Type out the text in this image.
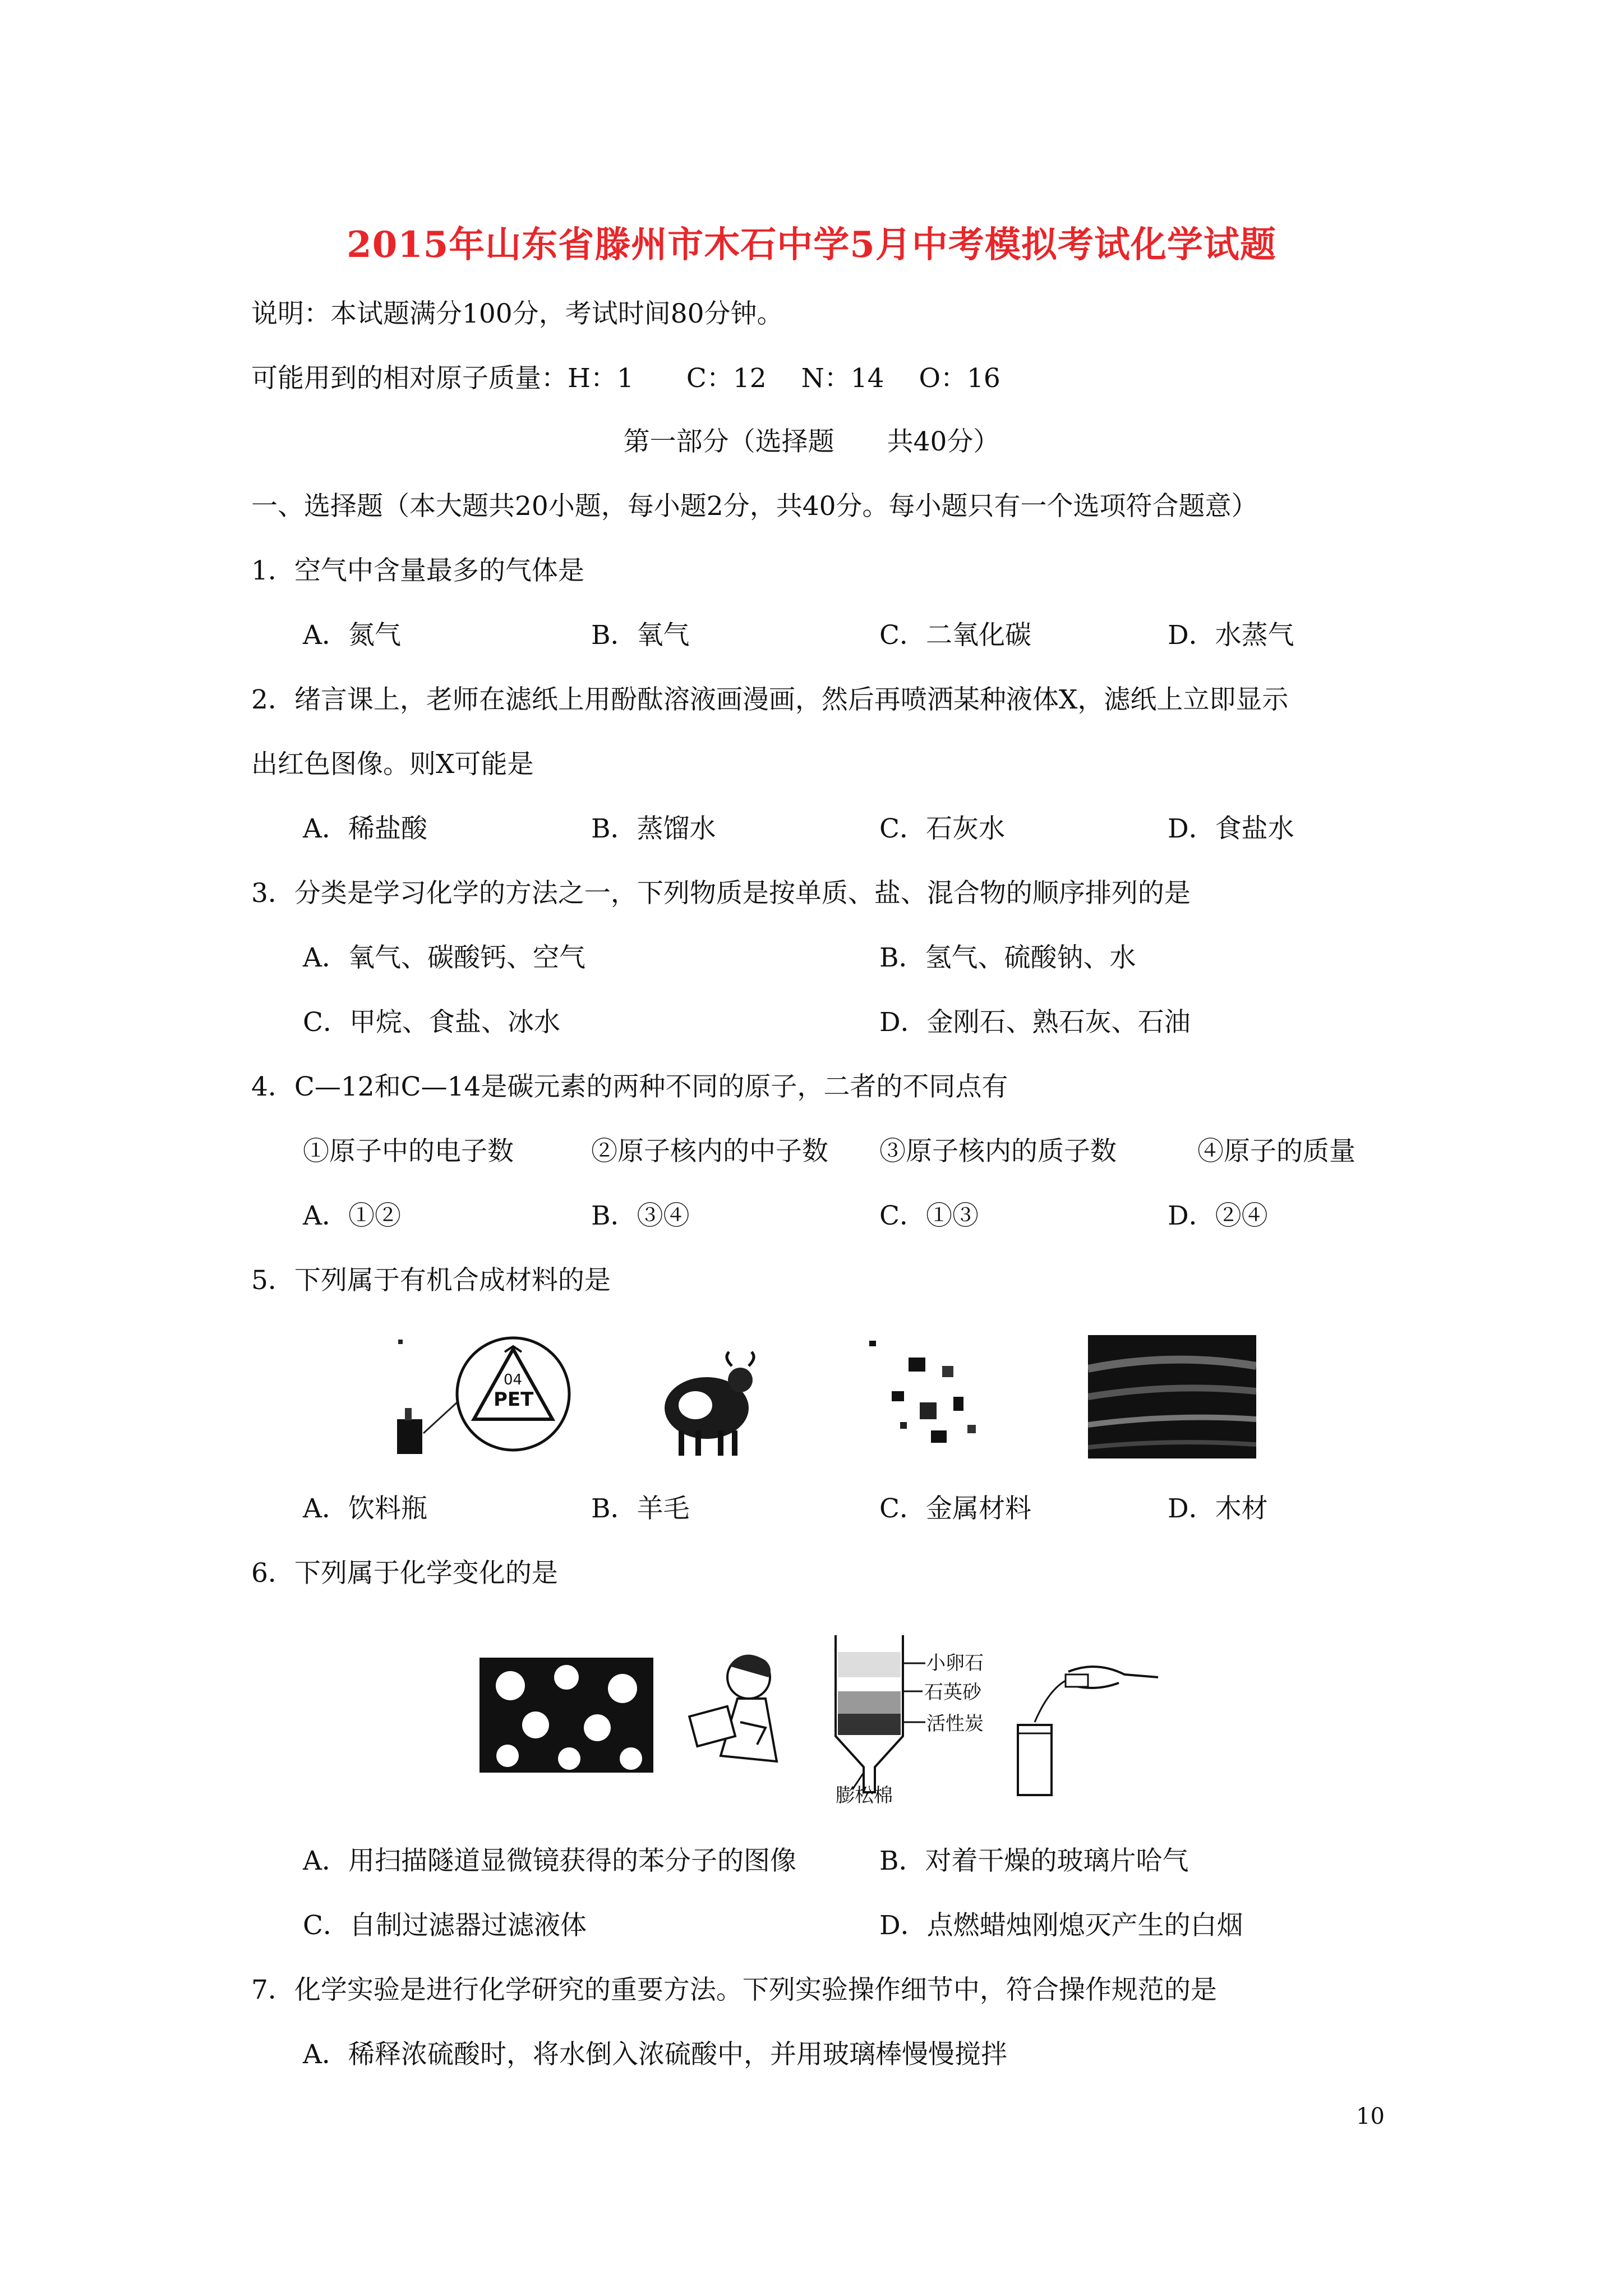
2015年山东省滕州市木石中学5月中考模拟考试化学试题
说明：本试题满分100分，考试时间80分钟。
可能用到的相对原子质量：H：1　　C：12　 N：14　 O：16
第一部分（选择题　　共40分）
一、选择题（本大题共20小题，每小题2分，共40分。每小题只有一个选项符合题意）
1．空气中含量最多的气体是
A．氮气	B．氧气	C．二氧化碳	D．水蒸气
2．绪言课上，老师在滤纸上用酚酞溶液画漫画，然后再喷洒某种液体X，滤纸上立即显示
出红色图像。则X可能是
A．稀盐酸	B．蒸馏水	C．石灰水	D．食盐水
3．分类是学习化学的方法之一，下列物质是按单质、盐、混合物的顺序排列的是
A．氧气、碳酸钙、空气	B．氢气、硫酸钠、水
C．甲烷、食盐、冰水	D．金刚石、熟石灰、石油
4．C—12和C—14是碳元素的两种不同的原子，二者的不同点有
①原子中的电子数	②原子核内的中子数 ③原子核内的质子数	④原子的质量
A．①②	B．③④	C．①③	D．②④
5．下列属于有机合成材料的是
04
PET
A．饮料瓶	B．羊毛	C．金属材料	D．木材
6．下列属于化学变化的是
小卵石
石英砂
活性炭
膨松棉
A．用扫描隧道显微镜获得的苯分子的图像	B．对着干燥的玻璃片哈气
C．自制过滤器过滤液体	D．点燃蜡烛刚熄灭产生的白烟
7．化学实验是进行化学研究的重要方法。下列实验操作细节中，符合操作规范的是
A．稀释浓硫酸时，将水倒入浓硫酸中，并用玻璃棒慢慢搅拌
10
